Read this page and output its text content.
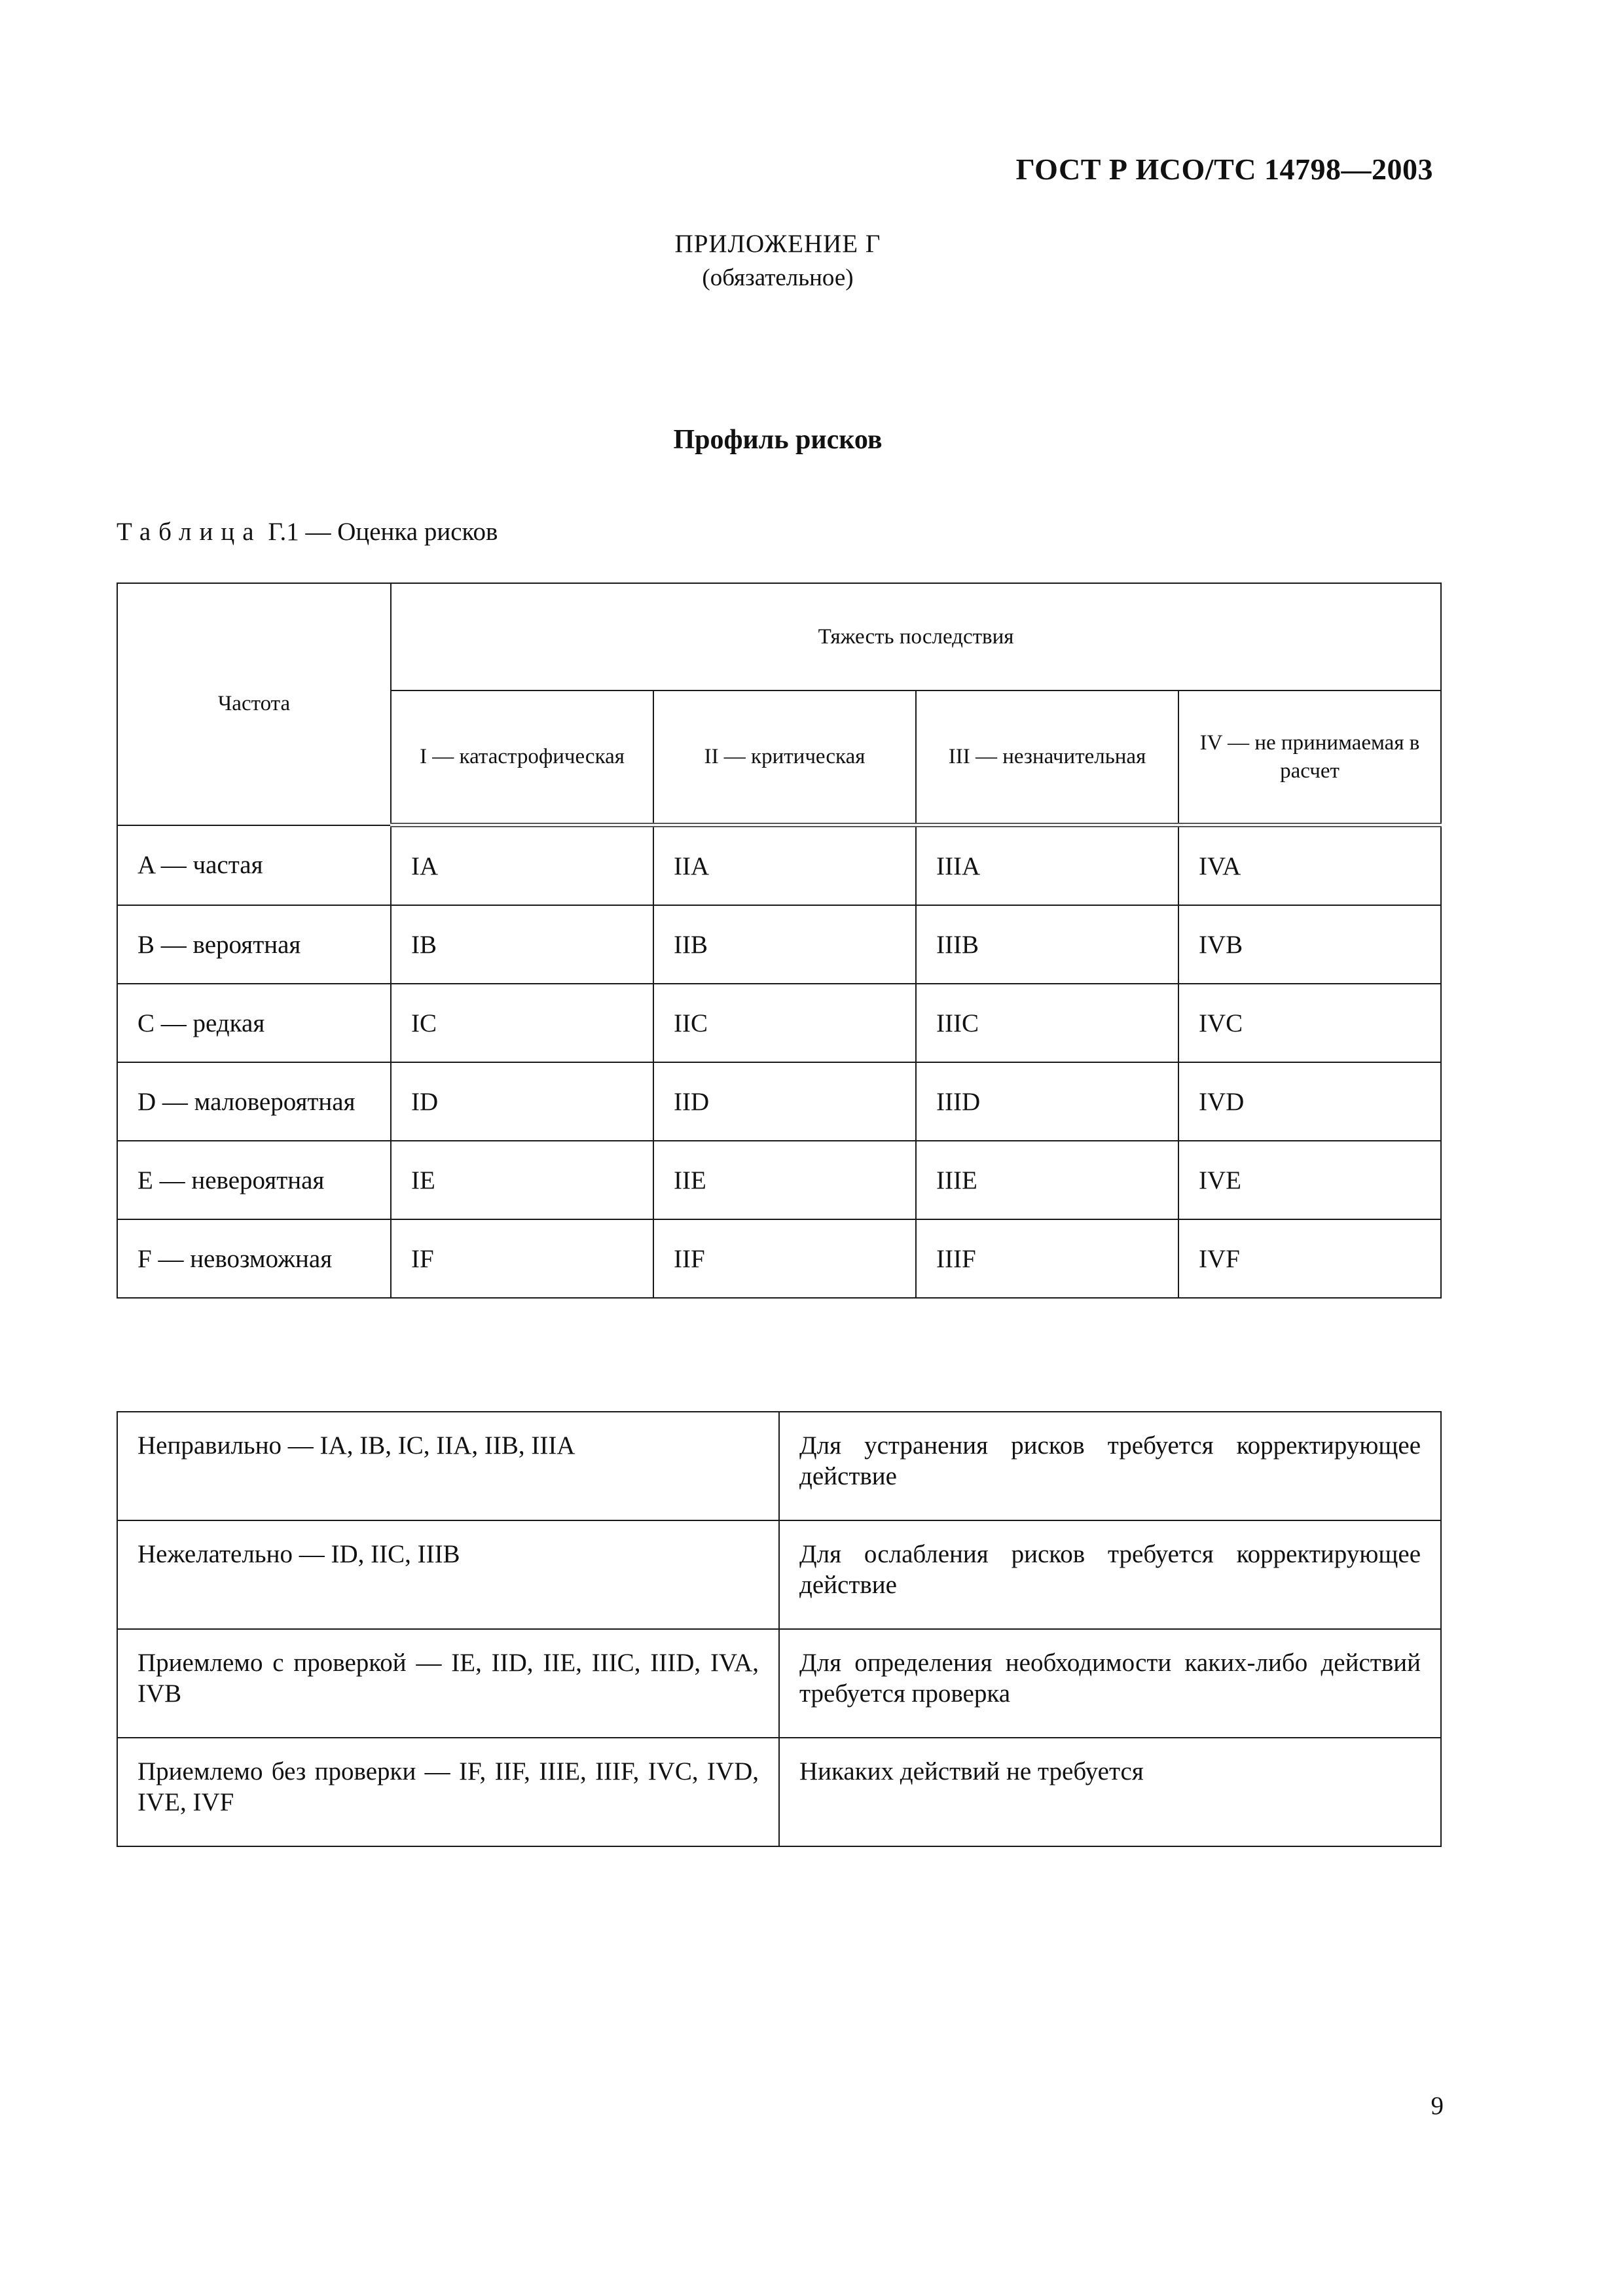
ГОСТ Р ИСО/ТС 14798—2003
ПРИЛОЖЕНИЕ Г
(обязательное)
Профиль рисков
Таблица Г.1 — Оценка рисков
Частота	Тяжесть последствия			
	I — катастрофическая	II — критическая	III — незначительная	IV — не принимаемая в расчет
A — частая	IA	IIA	IIIA	IVA
B — вероятная	IB	IIB	IIIB	IVB
C — редкая	IC	IIC	IIIC	IVC
D — маловероятная	ID	IID	IIID	IVD
E — невероятная	IE	IIE	IIIE	IVE
F — невозможная	IF	IIF	IIIF	IVF
Неправильно — IA, IB, IC, IIA, IIB, IIIA	Для устранения рисков требуется корректирующее действие
Нежелательно — ID, IIC, IIIB	Для ослабления рисков требуется корректирующее действие
Приемлемо с проверкой — IE, IID, IIE, IIIC, IIID, IVA, IVB	Для определения необходимости каких-либо действий требуется проверка
Приемлемо без проверки — IF, IIF, IIIE, IIIF, IVC, IVD, IVE, IVF	Никаких действий не требуется
9
